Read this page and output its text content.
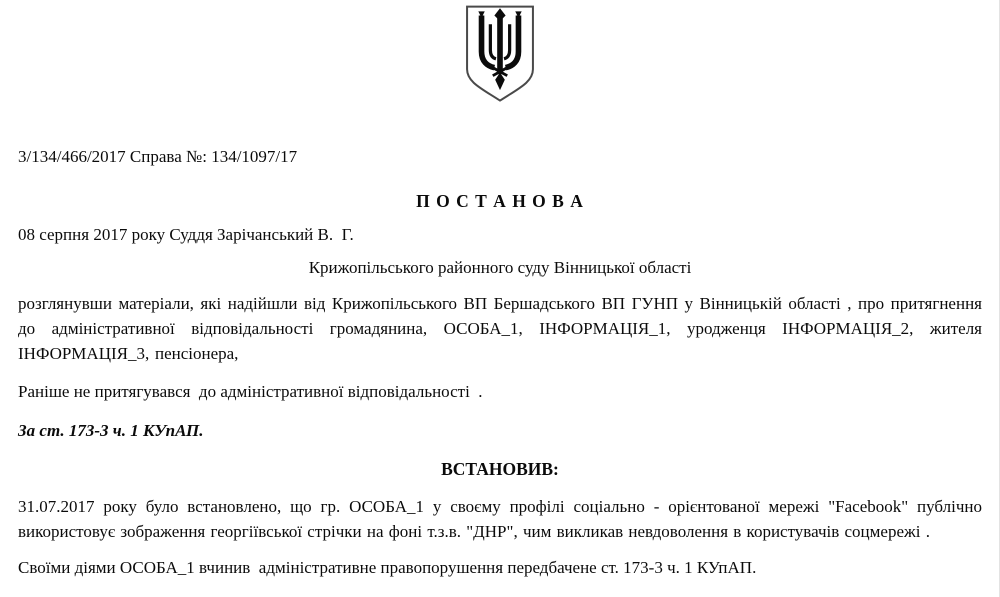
3/134/466/2017 Справа №: 134/1097/17
П О С Т А Н О В А
08 серпня 2017 року Суддя Зарічанський В.  Г.
Крижопільського районного суду Вінницької області
розглянувши матеріали, які надійшли від Крижопільського ВП Бершадського ВП ГУНП у Вінницькій області , про притягнення до адміністративної відповідальності громадянина, ОСОБА_1, ІНФОРМАЦІЯ_1, уродженця ІНФОРМАЦІЯ_2, жителя ІНФОРМАЦІЯ_3, пенсіонера,
Раніше не притягувався  до адміністративної відповідальності  .
За ст. 173-3 ч. 1 КУпАП.
ВСТАНОВИВ:
31.07.2017 року було встановлено, що гр. ОСОБА_1 у своєму профілі соціально - орієнтованої мережі "Facebook" публічно використовує зображення георгіївської стрічки на фоні т.з.в. "ДНР", чим викликав невдоволення в користувачів соцмережі .
Своїми діями ОСОБА_1 вчинив  адміністративне правопорушення передбачене ст. 173-3 ч. 1 КУпАП.
